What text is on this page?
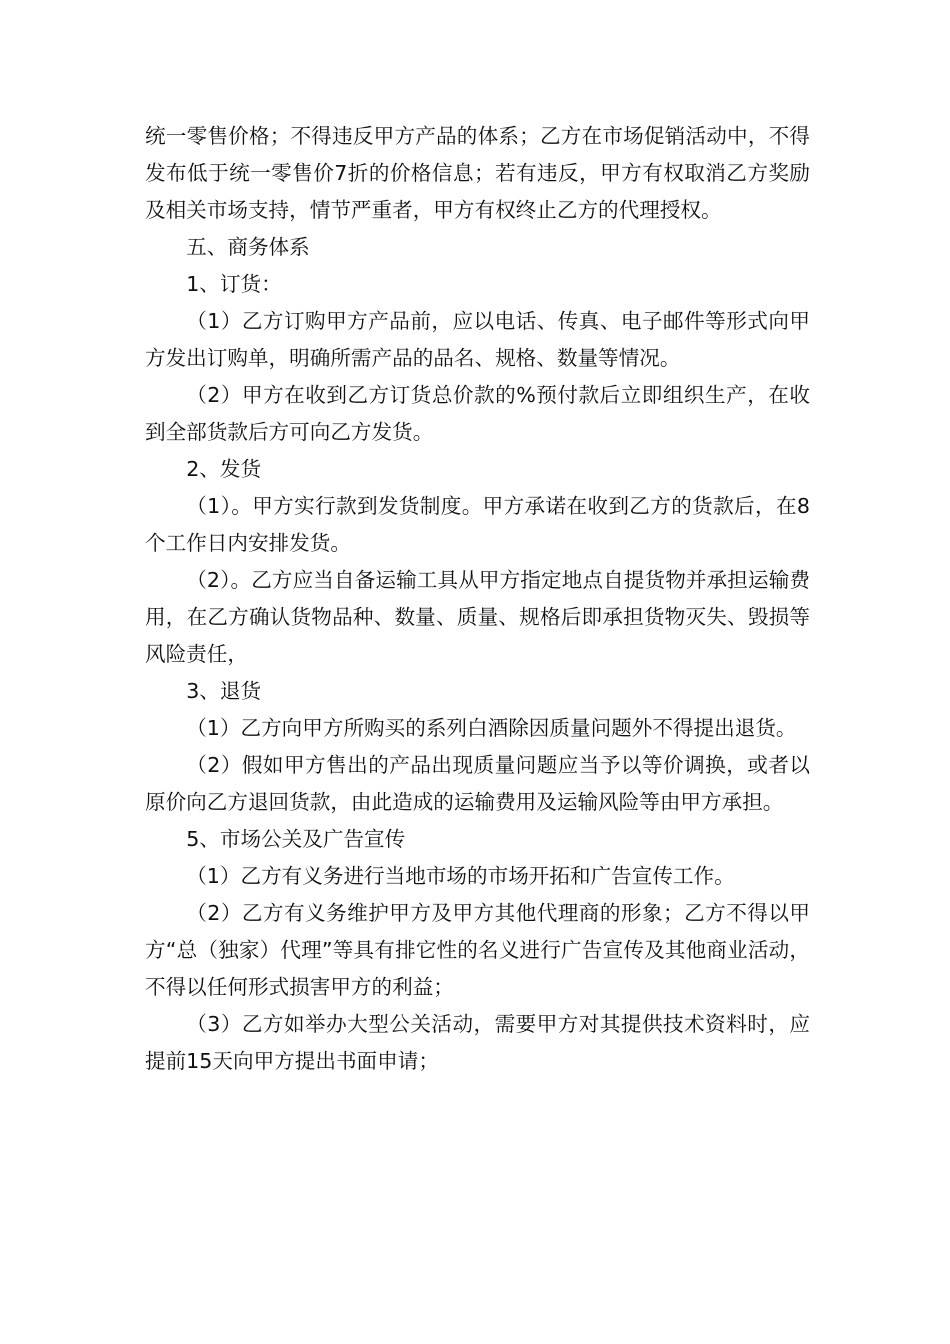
统一零售价格；不得违反甲方产品的体系；乙方在市场促销活动中，不得发布低于统一零售价7折的价格信息；若有违反，甲方有权取消乙方奖励及相关市场支持，情节严重者，甲方有权终止乙方的代理授权。

五、商务体系

1、订货：

（1）乙方订购甲方产品前，应以电话、传真、电子邮件等形式向甲方发出订购单，明确所需产品的品名、规格、数量等情况。

（2）甲方在收到乙方订货总价款的%预付款后立即组织生产，在收到全部货款后方可向乙方发货。

2、发货

（1）。甲方实行款到发货制度。甲方承诺在收到乙方的货款后，在8个工作日内安排发货。

（2）。乙方应当自备运输工具从甲方指定地点自提货物并承担运输费用，在乙方确认货物品种、数量、质量、规格后即承担货物灭失、毁损等风险责任，

3、退货

（1）乙方向甲方所购买的系列白酒除因质量问题外不得提出退货。

（2）假如甲方售出的产品出现质量问题应当予以等价调换，或者以原价向乙方退回货款，由此造成的运输费用及运输风险等由甲方承担。

5、市场公关及广告宣传

（1）乙方有义务进行当地市场的市场开拓和广告宣传工作。

（2）乙方有义务维护甲方及甲方其他代理商的形象；乙方不得以甲方“总（独家）代理”等具有排它性的名义进行广告宣传及其他商业活动，不得以任何形式损害甲方的利益；

（3）乙方如举办大型公关活动，需要甲方对其提供技术资料时，应提前15天向甲方提出书面申请；
